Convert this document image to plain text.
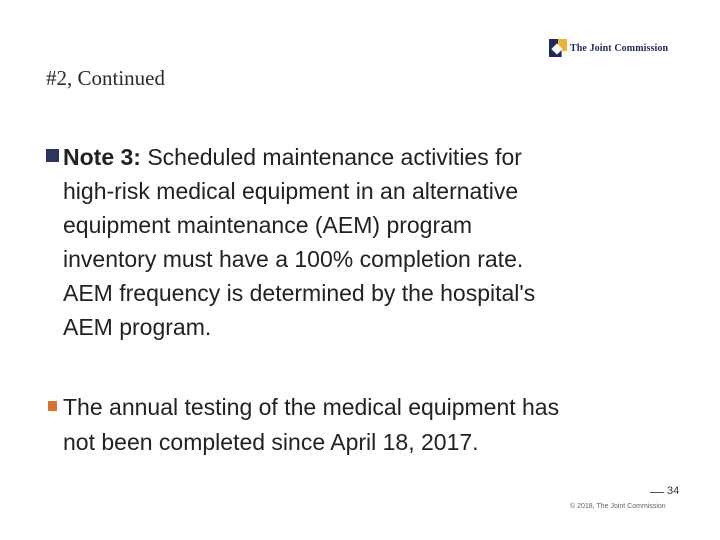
The Joint Commission
#2, Continued
Note 3: Scheduled maintenance activities for
high-risk medical equipment in an alternative
equipment maintenance (AEM) program
inventory must have a 100% completion rate.
AEM frequency is determined by the hospital's
AEM program.
The annual testing of the medical equipment has
not been completed since April 18, 2017.
34
© 2018, The Joint Commission
